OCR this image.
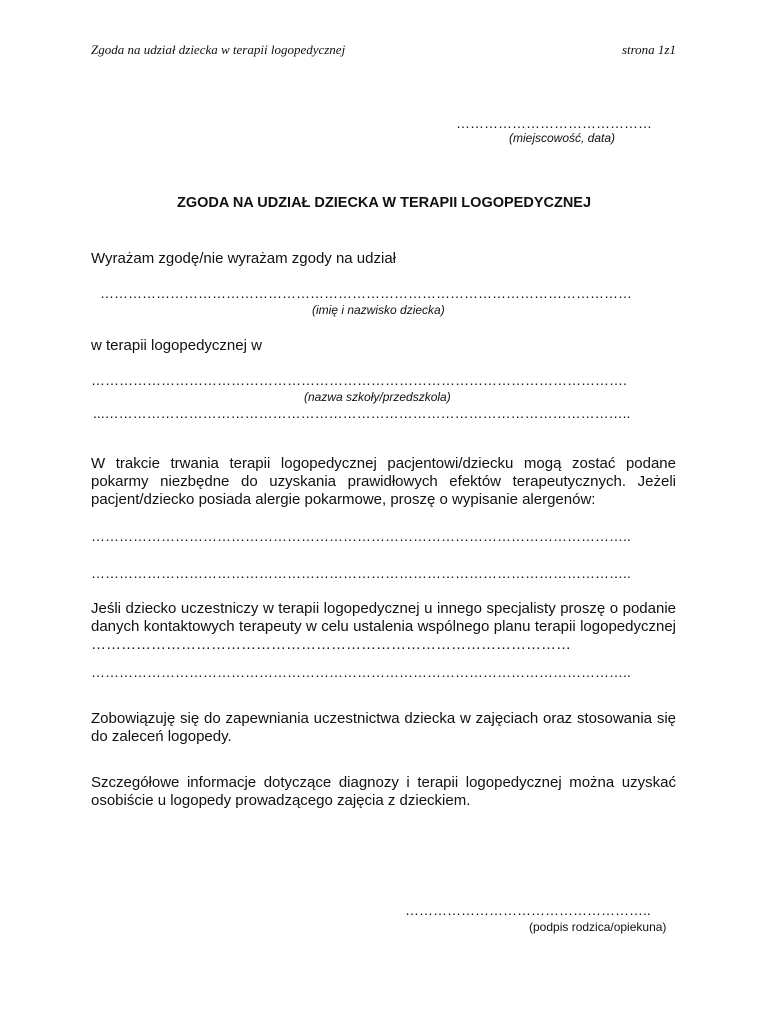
Zgoda na udział dziecka w terapii logopedycznej	strona 1z1
……………………………………
(miejscowość, data)
ZGODA NA UDZIAŁ DZIECKA W TERAPII LOGOPEDYCZNEJ
Wyrażam zgodę/nie wyrażam zgody na udział
……………………………………………………………………………………………………
(imię i nazwisko dziecka)
w terapii logopedycznej w
…………………………………………………………………………………………………….
(nazwa szkoły/przedszkola)
...…………………………………………………………………………………………………..
W trakcie trwania terapii logopedycznej pacjentowi/dziecku mogą zostać podane pokarmy niezbędne do uzyskania prawidłowych efektów terapeutycznych. Jeżeli pacjent/dziecko posiada alergie pokarmowe, proszę o wypisanie alergenów:
……………………………………………………………………………………………………..
……………………………………………………………………………………………………..
Jeśli dziecko uczestniczy w terapii logopedycznej u innego specjalisty proszę o podanie danych kontaktowych terapeuty w celu ustalenia wspólnego planu terapii logopedycznej ……………………………………………………………………………………
……………………………………………………………………………………………………..
Zobowiązuję się do zapewniania uczestnictwa dziecka w zajęciach oraz stosowania się do zaleceń logopedy.
Szczegółowe informacje dotyczące diagnozy i terapii logopedycznej można uzyskać osobiście u logopedy prowadzącego zajęcia z dzieckiem.
……………………………………………..
(podpis rodzica/opiekuna)
